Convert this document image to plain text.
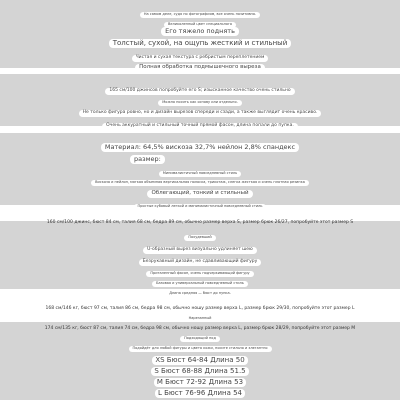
На самом деле, судя по фотографиям, все очень позитивно.
Великолепный цвет специального
Его тяжело поднять
Толстый, сухой, на ощупь жесткий и стильный
Чистая и сухая текстура с ребристым переплетением
Полная обработка подмышечного выреза
165 см/100 джинсов попробуйте его S; изысканное качество очень стильно
Можно носить как основу или отдельно.
Не только фигура ровно, но и дизайн вырезов спереди и сзади, а также выглядит очень красиво.
Очень аккуратный и стильный точный прямой фасон, длина попали до пупка.
Материал: 64,5% вискоза 32,7% нейлон 2,8% спандекс
размер:
Минималистичный повседневный стиль
Вискоза и нейлон, мягкая объемная вертикальная полоска, трикотаж, слегка жесткая и очень плотная резинка
Облегающий, тонкий и стильный
Простые кубовый легкой и минималистичный повседневный стиль
160 см/100 джинс, бюст 84 см, талия 68 см, бедра 89 см, обычно размер верха S, размер брюк 26/27, попробуйте этот размер S
Похудевший
U-образный вырез визуально удлиняет шею
Безрукавный дизайн, не сдавливающий фигуру
Приталенный фасон, очень подчеркивающий фигуру
Базовая и универсальный повседневный стиль
Длина средняя — бюст до пупка.
168 см/146 кг, бюст 97 см, талия 86 см, бедра 98 см, обычно ношу размер верха L, размер брюк 29/30, попробуйте этот размер L
Нарезанный
174 см/135 кг, бюст 87 см, талия 74 см, бедра 98 см, обычно ношу размер верха L, размер брюк 28/29, попробуйте этот размер M
Подходящий под
Подойдёт для любой фигуры и цвета кожи, носите стильно и элегантно
XS Бюст 64-84 Длина 50
S Бюст 68-88 Длина 51.5
M Бюст 72-92 Длина 53
L Бюст 76-96 Длина 54
